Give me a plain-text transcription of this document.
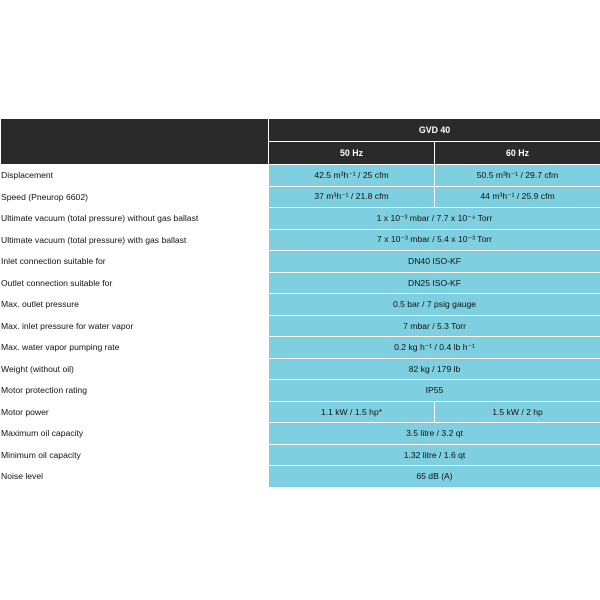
	GVD 40	
	50 Hz	60 Hz
Displacement	42.5 m³h⁻¹ / 25 cfm	50.5 m³h⁻¹ / 29.7 cfm
Speed (Pneurop 6602)	37 m³h⁻¹ / 21.8 cfm	44 m³h⁻¹ / 25.9 cfm
Ultimate vacuum (total pressure) without gas ballast	1 x 10⁻³ mbar / 7.7 x 10⁻⁴ Torr	
Ultimate vacuum (total pressure) with gas ballast	7 x 10⁻³ mbar / 5.4 x 10⁻³ Torr	
Inlet connection suitable for	DN40 ISO-KF	
Outlet connection suitable for	DN25 ISO-KF	
Max. outlet pressure	0.5 bar / 7 psig gauge	
Max. inlet pressure for water vapor	7 mbar / 5.3 Torr	
Max. water vapor pumping rate	0.2 kg h⁻¹ / 0.4 lb h⁻¹	
Weight (without oil)	82 kg / 179 lb	
Motor protection rating	IP55	
Motor power	1.1 kW / 1.5 hp*	1.5 kW / 2 hp
Maximum oil capacity	3.5 litre / 3.2 qt	
Minimum oil capacity	1.32 litre / 1.6 qt	
Noise level	65 dB (A)	
